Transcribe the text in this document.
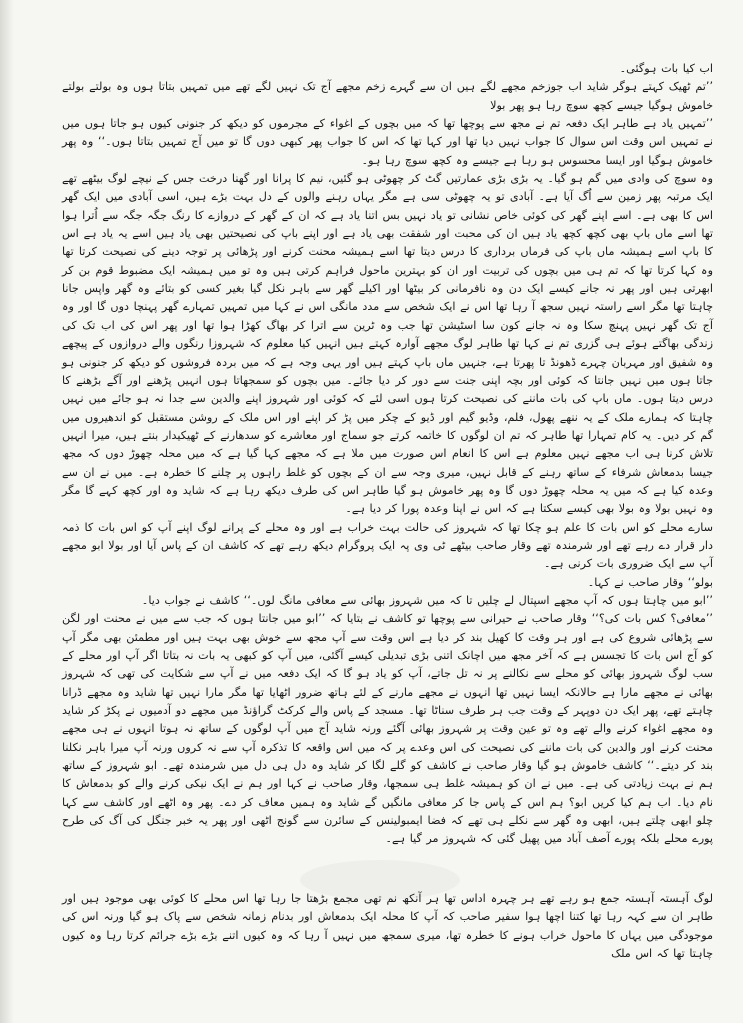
اب کیا بات ہوگئی۔

’’تم ٹھیک کہتے ہوگر شاید اب جوزخم مجھے لگے ہیں ان سے گہرے زخم مجھے آج تک نہیں لگے تھے میں تمہیں بتاتا ہوں وہ بولتے بولتے خاموش ہوگیا جیسے کچھ سوچ رہا ہو پھر بولا

’’تمہیں یاد ہے طاہر ایک دفعہ تم نے مجھ سے پوچھا تھا کہ میں بچوں کے اغواء کے مجرموں کو دیکھ کر جنونی کیوں ہو جاتا ہوں میں نے تمہیں اس وقت اس سوال کا جواب نہیں دیا تھا اور کہا تھا کہ اس کا جواب پھر کبھی دوں گا تو میں آج تمہیں بتاتا ہوں۔‘‘ وہ پھر خاموش ہوگیا اور ایسا محسوس ہو رہا ہے جیسے وہ کچھ سوچ رہا ہو۔

وہ سوچ کی وادی میں گم ہو گیا۔ یہ بڑی بڑی عمارتیں گٹ کر چھوٹی ہو گئیں، نیم کا پرانا اور گھنا درخت جس کے نیچے لوگ بیٹھے تھے ایک مرتبہ پھر زمین سے اُگ آیا ہے۔ آبادی تو یہ چھوٹی سی ہے مگر یہاں رہنے والوں کے دل بہت بڑے ہیں، اسی آبادی میں ایک گھر اس کا بھی ہے۔ اسے اپنے گھر کی کوئی خاص نشانی تو یاد نہیں بس اتنا یاد ہے کہ ان کے گھر کے دروازے کا رنگ جگہ جگہ سے اُترا ہوا تھا اسے ماں باپ بھی کچھ کچھ یاد ہیں ان کی محبت اور شفقت بھی یاد ہے اور اپنے باپ کی نصیحتیں بھی یاد ہیں اسے یہ یاد ہے اس کا باپ اسے ہمیشہ ماں باپ کی فرماں برداری کا درس دیتا تھا اسے ہمیشہ محنت کرنے اور پڑھائی پر توجہ دینے کی نصیحت کرتا تھا وہ کہا کرتا تھا کہ تم ہی میں بچوں کی تربیت اور ان کو بہترین ماحول فراہم کرتی ہیں وہ تو میں ہمیشہ ایک مضبوط قوم بن کر ابھرتی ہیں اور پھر نہ جانے کیسے ایک دن وہ نافرمانی کر بیٹھا اور اکیلے گھر سے باہر نکل گیا بغیر کسی کو بتائے وہ گھر واپس جانا چاہتا تھا مگر اسے راستہ نہیں سجھ آ رہا تھا اس نے ایک شخص سے مدد مانگی اس نے کہا میں تمہیں تمہارے گھر پہنچا دوں گا اور وہ آج تک گھر نہیں پہنچ سکا وہ نہ جانے کون سا اسٹیشن تھا جب وہ ٹرین سے اترا کر بھاگ کھڑا ہوا تھا اور پھر اس کی اب تک کی زندگی بھاگتے ہوئے ہی گزری تم نے کہا تھا طاہر لوگ مجھے آوارہ کہتے ہیں انہیں کیا معلوم کہ شہروزا رنگوں والے دروازوں کے پیچھے وہ شفیق اور مہربان چہرے ڈھونڈ تا پھرتا ہے، جنہیں ماں باپ کہتے ہیں اور یہی وجہ ہے کہ میں بردہ فروشوں کو دیکھ کر جنونی ہو جاتا ہوں میں نہیں جانتا کہ کوئی اور بچہ اپنی جنت سے دور کر دیا جائے۔ میں بچوں کو سمجھاتا ہوں انہیں پڑھنے اور آگے بڑھنے کا درس دیتا ہوں۔ ماں باپ کی بات ماننے کی نصیحت کرتا ہوں اسی لئے کہ کوئی اور شہروز اپنے والدین سے جدا نہ ہو جائے میں نہیں چاہتا کہ ہمارے ملک کے یہ ننھے پھول، فلم، وڈیو گیم اور ڈیو کے چکر میں پڑ کر اپنے اور اس ملک کے روشن مستقبل کو اندھیروں میں گم کر دیں۔ یہ کام تمہارا تھا طاہر کہ تم ان لوگوں کا خاتمہ کرتے جو سماج اور معاشرے کو سدھارنے کے ٹھیکیدار بنتے ہیں، میرا انہیں تلاش کرنا ہی اب مجھے نہیں معلوم ہے اس کا انعام اس صورت میں ملا ہے کہ مجھے کہا گیا ہے کہ میں محلہ چھوڑ دوں کہ مجھ جیسا بدمعاش شرفاء کے ساتھ رہنے کے قابل نہیں، میری وجہ سے ان کے بچوں کو غلط راہوں پر چلنے کا خطرہ ہے۔ میں نے ان سے وعدہ کیا ہے کہ میں یہ محلہ چھوڑ دوں گا وہ پھر خاموش ہو گیا طاہر اس کی طرف دیکھ رہا ہے کہ شاید وہ اور کچھ کہے گا مگر وہ نہیں بولا وہ بولا بھی کیسے سکتا ہے کہ اس نے اپنا وعدہ پورا کر دیا ہے۔

سارے محلے کو اس بات کا علم ہو چکا تھا کہ شہروز کی حالت بہت خراب ہے اور وہ محلے کے پرانے لوگ اپنے آپ کو اس بات کا ذمہ دار قرار دے رہے تھے اور شرمندہ تھے وقار صاحب بیٹھے ٹی وی پہ ایک پروگرام دیکھ رہے تھے کہ کاشف ان کے پاس آیا اور بولا ابو مجھے آپ سے ایک ضروری بات کرنی ہے۔

بولو‘‘ وقار صاحب نے کہا۔

’’ابو میں چاہتا ہوں کہ آپ مجھے اسپتال لے چلیں تا کہ میں شہروز بھائی سے معافی مانگ لوں۔‘‘ کاشف نے جواب دیا۔

’’معافی؟ کس بات کی؟‘‘ وقار صاحب نے حیرانی سے پوچھا تو کاشف نے بتایا کہ ’’ابو میں جانتا ہوں کہ جب سے میں نے محنت اور لگن سے پڑھائی شروع کی ہے اور ہر وقت کا کھیل بند کر دیا ہے اس وقت سے آپ مجھ سے خوش بھی بہت ہیں اور مطمئن بھی مگر آپ کو آج اس بات کا تجسس ہے کہ آخر مجھ میں اچانک اتنی بڑی تبدیلی کیسے آگئی، میں آپ کو کبھی یہ بات نہ بتاتا اگر آپ اور محلے کے سب لوگ شہروز بھائی کو محلے سے نکالنے پر نہ تل جاتے، آپ کو یاد ہو گا کہ ایک دفعہ میں نے آپ سے شکایت کی تھی کہ شہروز بھائی نے مجھے مارا ہے حالانکہ ایسا نہیں تھا انہوں نے مجھے مارنے کے لئے ہاتھ ضرور اٹھایا تھا مگر مارا نہیں تھا شاید وہ مجھے ڈرانا چاہتے تھے، پھر ایک دن دوپہر کے وقت جب ہر طرف سناٹا تھا۔ مسجد کے پاس والے کرکٹ گراؤنڈ میں مجھے دو آدمیوں نے پکڑ کر شاید وہ مجھے اغواء کرنے والے تھے وہ تو عین وقت پر شہروز بھائی آگئے ورنہ شاید آج میں آپ لوگوں کے ساتھ نہ ہوتا انہوں نے ہی مجھے محنت کرنے اور والدین کی بات ماننے کی نصیحت کی اس وعدے پر کہ میں اس واقعہ کا تذکرہ آپ سے نہ کروں ورنہ آپ میرا باہر نکلنا بند کر دیتے۔‘‘ کاشف خاموش ہو گیا وقار صاحب نے کاشف کو گلے لگا کر شاید وہ دل ہی دل میں شرمندہ تھے۔ ابو شہروز کے ساتھ ہم نے بہت زیادتی کی ہے۔ میں نے ان کو ہمیشہ غلط ہی سمجھا، وقار صاحب نے کہا اور ہم نے ایک نیکی کرنے والے کو بدمعاش کا نام دیا۔ اب ہم کیا کریں ابو؟ ہم اس کے پاس جا کر معافی مانگیں گے شاید وہ ہمیں معاف کر دے۔ پھر وہ اٹھے اور کاشف سے کہا چلو ابھی چلتے ہیں، ابھی وہ گھر سے نکلے ہی تھے کہ فضا ایمبولینس کے سائرن سے گونج اٹھی اور پھر یہ خبر جنگل کی آگ کی طرح پورے محلے بلکہ پورے آصف آباد میں پھیل گئی کہ شہروز مر گیا ہے۔

لوگ آہستہ آہستہ جمع ہو رہے تھے ہر چہرہ اداس تھا ہر آنکھ نم تھی مجمع بڑھتا جا رہا تھا اس محلے کا کوئی بھی موجود ہیں اور طاہر ان سے کہہ رہا تھا کتنا اچھا ہوا سفیر صاحب کہ آپ کا محلہ ایک بدمعاش اور بدنام زمانہ شخص سے پاک ہو گیا ورنہ اس کی موجودگی میں یہاں کا ماحول خراب ہونے کا خطرہ تھا، میری سمجھ میں نہیں آ رہا کہ وہ کیوں اتنے بڑے بڑے جرائم کرتا رہا وہ کیوں چاہتا تھا کہ اس ملک
